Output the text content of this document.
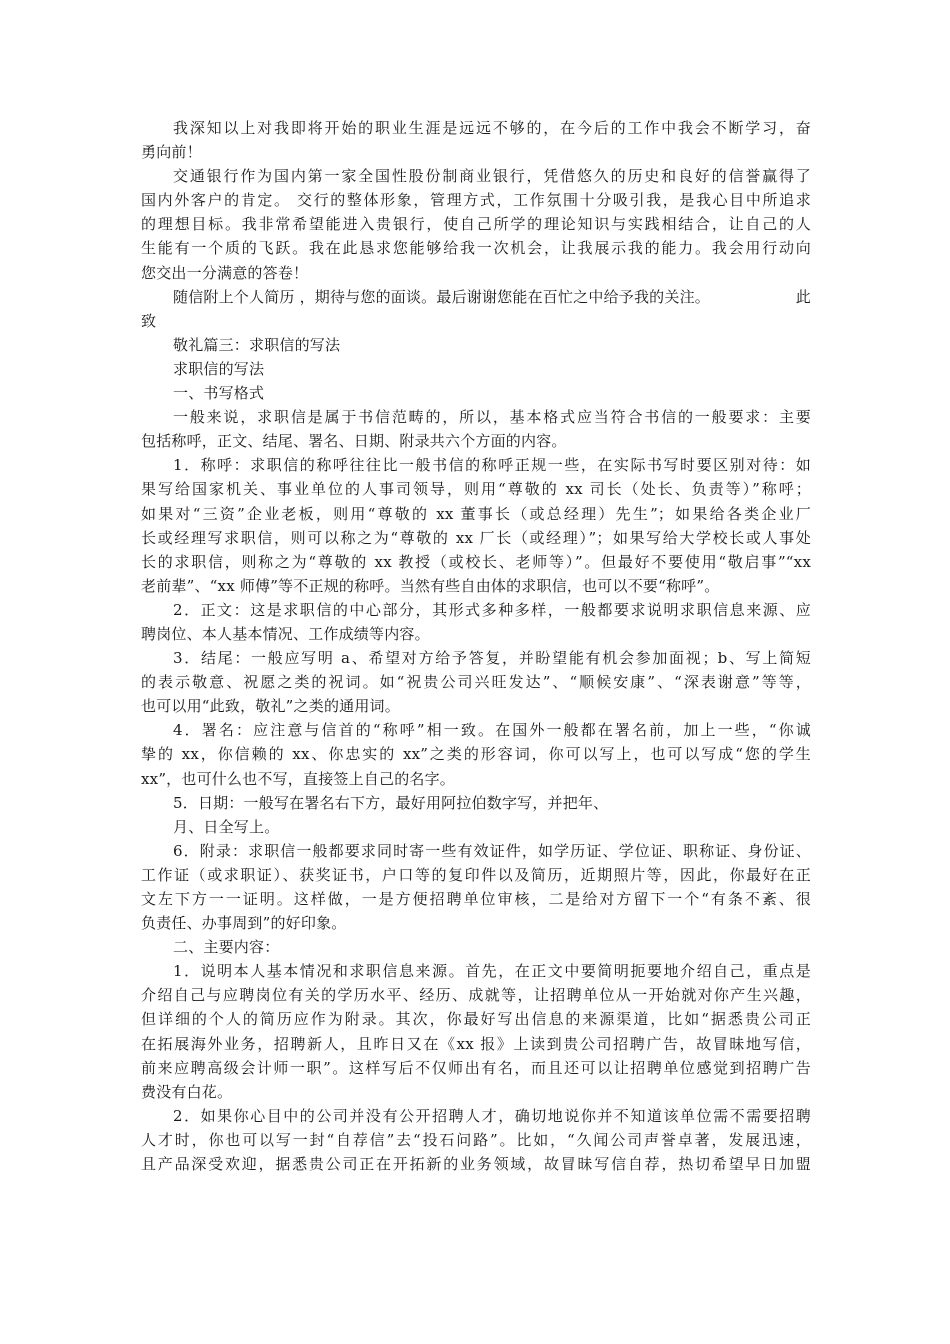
我深知以上对我即将开始的职业生涯是远远不够的，在今后的工作中我会不断学习，奋
勇向前！
交通银行作为国内第一家全国性股份制商业银行，凭借悠久的历史和良好的信誉赢得了
国内外客户的肯定。 交行的整体形象，管理方式，工作氛围十分吸引我，是我心目中所追求
的理想目标。我非常希望能进入贵银行，使自己所学的理论知识与实践相结合，让自己的人
生能有一个质的飞跃。我在此恳求您能够给我一次机会，让我展示我的能力。我会用行动向
您交出一分满意的答卷！
随信附上个人简历 ，期待与您的面谈。最后谢谢您能在百忙之中给予我的关注。	此
致
敬礼篇三：求职信的写法
求职信的写法
一、书写格式
一般来说，求职信是属于书信范畴的，所以，基本格式应当符合书信的一般要求：主要
包括称呼，正文、结尾、署名、日期、附录共六个方面的内容。
1．称呼：求职信的称呼往往比一般书信的称呼正规一些，在实际书写时要区别对待：如
果写给国家机关、事业单位的人事司领导，则用“尊敬的 xx 司长（处长、负责等）”称呼；
如果对“三资”企业老板，则用“尊敬的 xx 董事长（或总经理）先生”；如果给各类企业厂
长或经理写求职信，则可以称之为“尊敬的 xx 厂长（或经理）”；如果写给大学校长或人事处
长的求职信，则称之为“尊敬的 xx 教授（或校长、老师等）”。但最好不要使用“敬启事”“xx
老前辈”、“xx 师傅”等不正规的称呼。当然有些自由体的求职信，也可以不要“称呼”。
2．正文：这是求职信的中心部分，其形式多种多样，一般都要求说明求职信息来源、应
聘岗位、本人基本情况、工作成绩等内容。
3．结尾：一般应写明 a、希望对方给予答复，并盼望能有机会参加面视；b、写上简短
的表示敬意、祝愿之类的祝词。如“祝贵公司兴旺发达”、“顺候安康”、“深表谢意”等等，
也可以用“此致，敬礼”之类的通用词。
4．署名：应注意与信首的“称呼”相一致。在国外一般都在署名前，加上一些，“你诚
挚的 xx，你信赖的 xx、你忠实的 xx”之类的形容词，你可以写上，也可以写成“您的学生
xx”，也可什么也不写，直接签上自己的名字。
5．日期：一般写在署名右下方，最好用阿拉伯数字写，并把年、
月、日全写上。
6．附录：求职信一般都要求同时寄一些有效证件，如学历证、学位证、职称证、身份证、
工作证（或求职证）、获奖证书，户口等的复印件以及简历，近期照片等，因此，你最好在正
文左下方一一证明。这样做，一是方便招聘单位审核，二是给对方留下一个“有条不紊、很
负责任、办事周到”的好印象。
二、主要内容：
1．说明本人基本情况和求职信息来源。首先，在正文中要简明扼要地介绍自己，重点是
介绍自己与应聘岗位有关的学历水平、经历、成就等，让招聘单位从一开始就对你产生兴趣，
但详细的个人的简历应作为附录。其次，你最好写出信息的来源渠道，比如“据悉贵公司正
在拓展海外业务，招聘新人，且昨日又在《xx 报》上读到贵公司招聘广告，故冒昧地写信，
前来应聘高级会计师一职”。这样写后不仅师出有名，而且还可以让招聘单位感觉到招聘广告
费没有白花。
2．如果你心目中的公司并没有公开招聘人才，确切地说你并不知道该单位需不需要招聘
人才时，你也可以写一封“自荐信”去“投石问路”。比如，“久闻公司声誉卓著，发展迅速，
且产品深受欢迎，据悉贵公司正在开拓新的业务领域，故冒昧写信自荐，热切希望早日加盟
